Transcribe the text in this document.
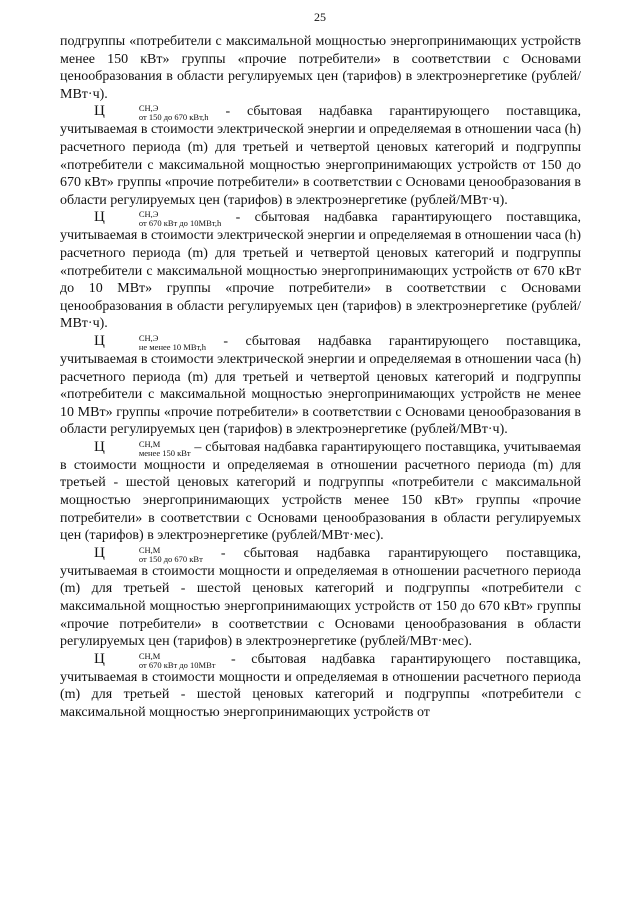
25

подгруппы «потребители с максимальной мощностью энергопринимающих устройств менее 150 кВт» группы «прочие потребители» в соответствии с Основами ценообразования в области регулируемых цен (тарифов) в электроэнергетике (рублей/МВт·ч).

Ц	СН,Э
от 150 до 670 кВт,h - сбытовая надбавка гарантирующего поставщика, учитываемая в стоимости электрической энергии и определяемая в отношении часа (h) расчетного периода (m) для третьей и четвертой ценовых категорий и подгруппы «потребители с максимальной мощностью энергопринимающих устройств от 150 до 670 кВт» группы «прочие потребители» в соответствии с Основами ценообразования в области регулируемых цен (тарифов) в электроэнергетике (рублей/МВт·ч).

Ц	СН,Э
от 670 кВт до 10МВт,h - сбытовая надбавка гарантирующего поставщика, учитываемая в стоимости электрической энергии и определяемая в отношении часа (h) расчетного периода (m) для третьей и четвертой ценовых категорий и подгруппы «потребители с максимальной мощностью энергопринимающих устройств от 670 кВт до 10 МВт» группы «прочие потребители» в соответствии с Основами ценообразования в области регулируемых цен (тарифов) в электроэнергетике (рублей/МВт·ч).

Ц	СН,Э
не менее 10 МВт,h - сбытовая надбавка гарантирующего поставщика, учитываемая в стоимости электрической энергии и определяемая в отношении часа (h) расчетного периода (m) для третьей и четвертой ценовых категорий и подгруппы «потребители с максимальной мощностью энергопринимающих устройств не менее 10 МВт» группы «прочие потребители» в соответствии с Основами ценообразования в области регулируемых цен (тарифов) в электроэнергетике (рублей/МВт·ч).

Ц	СН,М
менее 150 кВт – сбытовая надбавка гарантирующего поставщика, учитываемая в стоимости мощности и определяемая в отношении расчетного периода (m) для третьей - шестой ценовых категорий и подгруппы «потребители с максимальной мощностью энергопринимающих устройств менее 150 кВт» группы «прочие потребители» в соответствии с Основами ценообразования в области регулируемых цен (тарифов) в электроэнергетике (рублей/МВт·мес).

Ц	СН,М
от 150 до 670 кВт - сбытовая надбавка гарантирующего поставщика, учитываемая в стоимости мощности и определяемая в отношении расчетного периода (m) для третьей - шестой ценовых категорий и подгруппы «потребители с максимальной мощностью энергопринимающих устройств от 150 до 670 кВт» группы «прочие потребители» в соответствии с Основами ценообразования в области регулируемых цен (тарифов) в электроэнергетике (рублей/МВт·мес).

Ц	СН,М
от 670 кВт до 10МВт - сбытовая надбавка гарантирующего поставщика, учитываемая в стоимости мощности и определяемая в отношении расчетного периода (m) для третьей - шестой ценовых категорий и подгруппы «потребители с максимальной мощностью энергопринимающих устройств от
